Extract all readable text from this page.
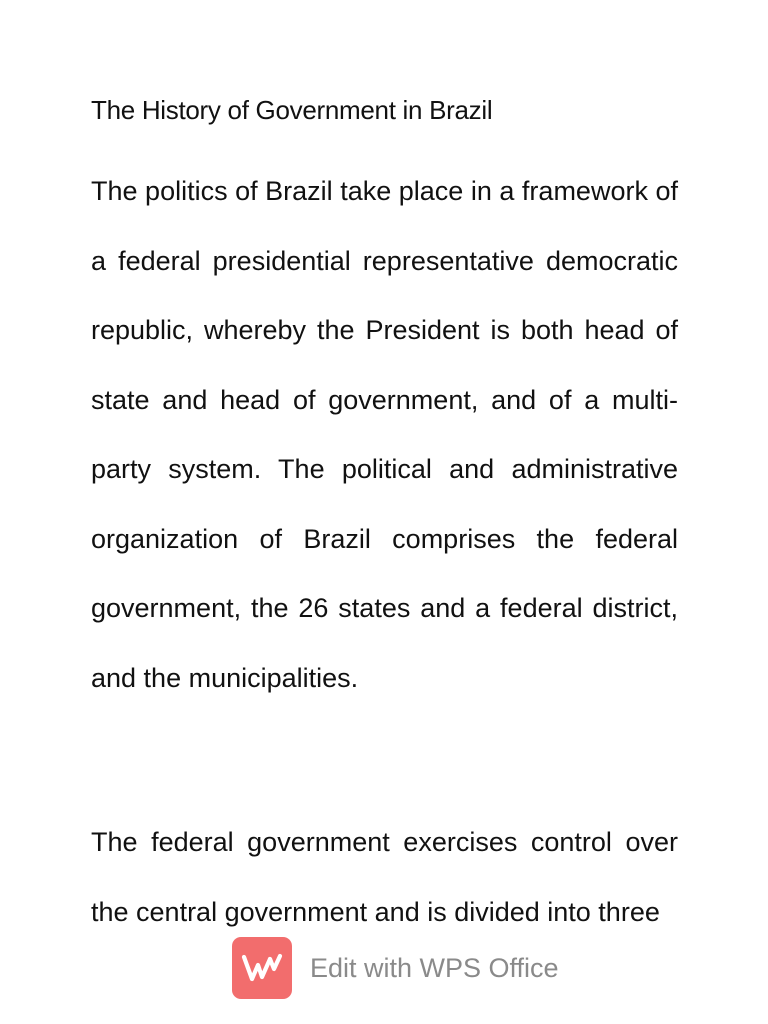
The History of Government in Brazil

The politics of Brazil take place in a framework of a federal presidential representative democratic republic, whereby the President is both head of state and head of government, and of a multi-party system. The political and administrative organization of Brazil comprises the federal government, the 26 states and a federal district, and the municipalities.

The federal government exercises control over the central government and is divided into three

Edit with WPS Office
